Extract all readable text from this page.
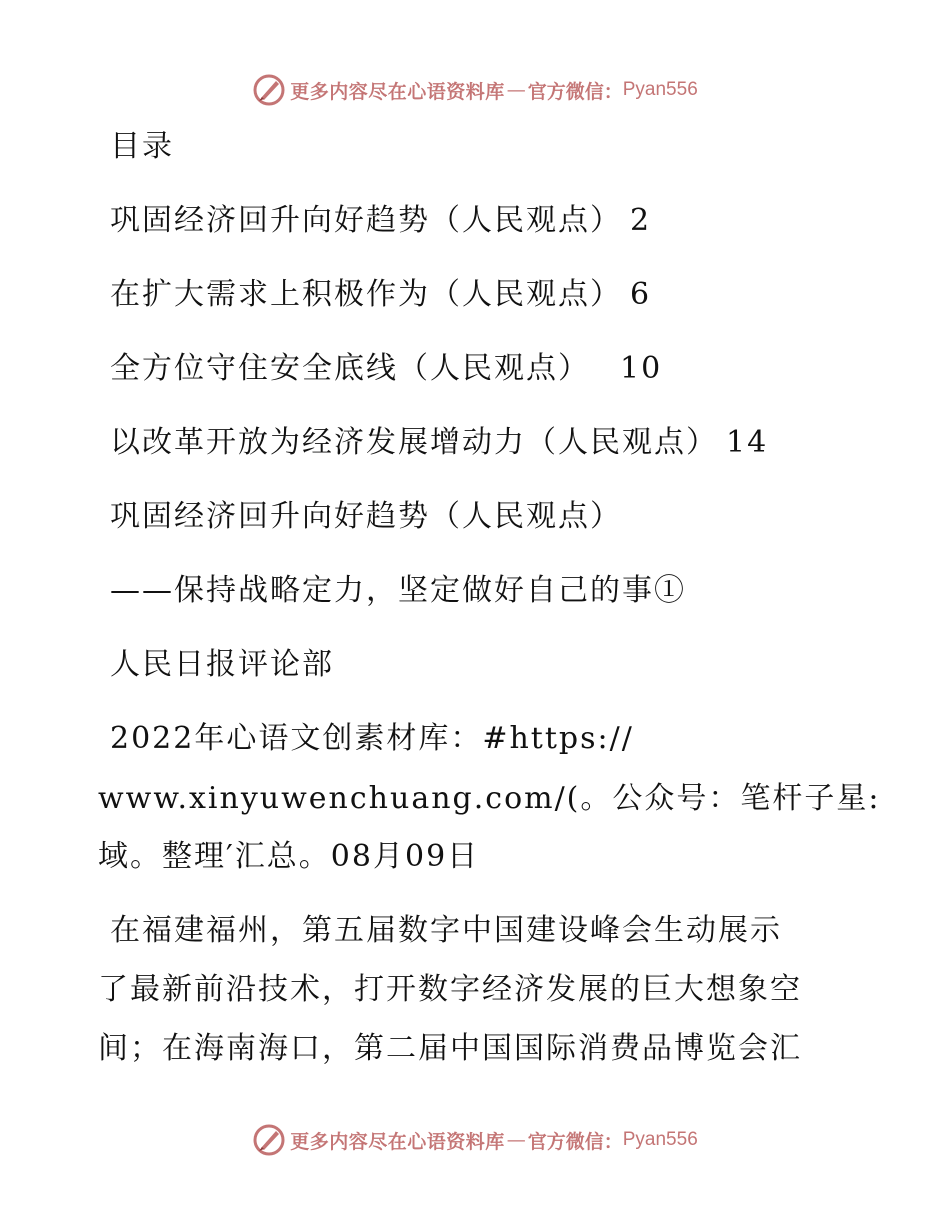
更多内容尽在心语资料库 — 官方微信： Pyan556

目录

巩固经济回升向好趋势（人民观点） 2

在扩大需求上积极作为（人民观点） 6

全方位守住安全底线（人民观点） 10

以改革开放为经济发展增动力（人民观点） 14

巩固经济回升向好趋势（人民观点）

——保持战略定力，坚定做好自己的事①

人民日报评论部

2022年心语文创素材库：#https://

www.xinyuwenchuang.com/(。公众号：笔杆子星:

域。整理′汇总。08月09日

在福建福州，第五届数字中国建设峰会生动展示

了最新前沿技术，打开数字经济发展的巨大想象空

间；在海南海口，第二届中国国际消费品博览会汇

更多内容尽在心语资料库 — 官方微信： Pyan556
